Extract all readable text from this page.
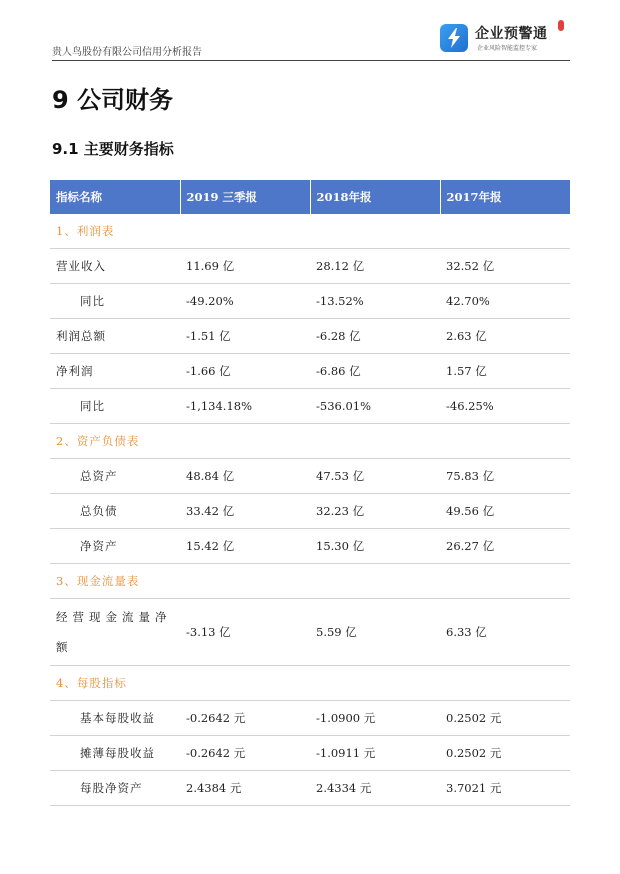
贵人鸟股份有限公司信用分析报告
企业预警通
企业风险智能监控专家
9 公司财务
9.1 主要财务指标
指标名称	2019 三季报	2018年报	2017年报
1、利润表			
营业收入	11.69 亿	28.12 亿	32.52 亿
同比	-49.20%	-13.52%	42.70%
利润总额	-1.51 亿	-6.28 亿	2.63 亿
净利润	-1.66 亿	-6.86 亿	1.57 亿
同比	-1,134.18%	-536.01%	-46.25%
2、资产负债表			
总资产	48.84 亿	47.53 亿	75.83 亿
总负债	33.42 亿	32.23 亿	49.56 亿
净资产	15.42 亿	15.30 亿	26.27 亿
3、现金流量表			
经营现金流量净额	-3.13 亿	5.59 亿	6.33 亿
4、每股指标			
基本每股收益	-0.2642 元	-1.0900 元	0.2502 元
摊薄每股收益	-0.2642 元	-1.0911 元	0.2502 元
每股净资产	2.4384 元	2.4334 元	3.7021 元
